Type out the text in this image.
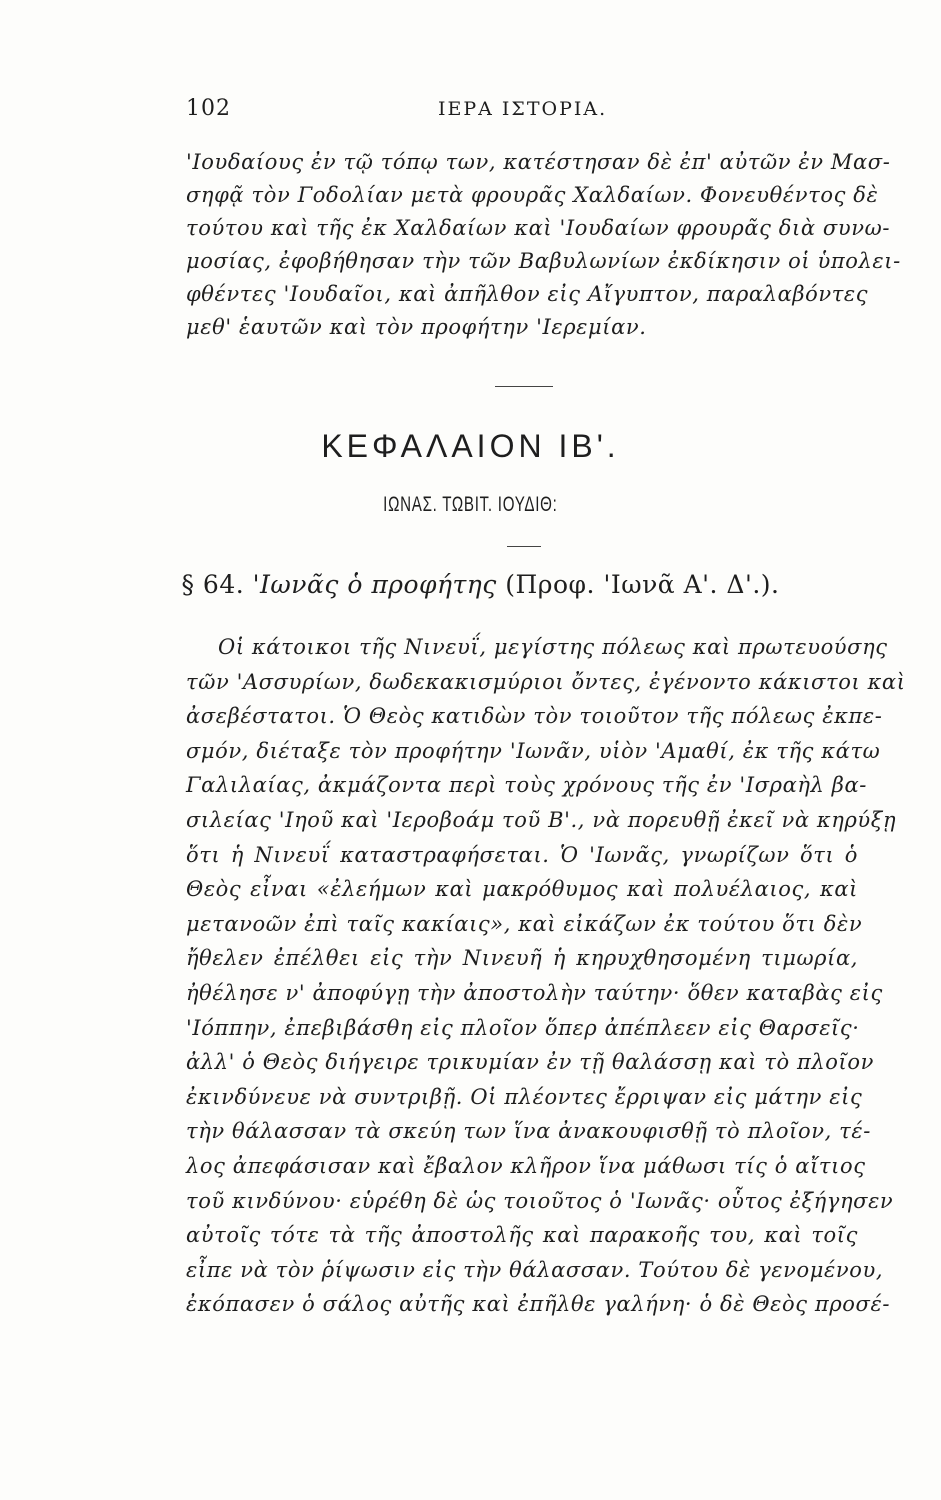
102	ΙΕΡΑ ΙΣΤΟΡΙΑ.
'Ιουδαίους ἐν τῷ τόπῳ των, κατέστησαν δὲ ἐπ' αὐτῶν ἐν Μασ-
σηφᾷ τὸν Γοδολίαν μετὰ φρουρᾶς Χαλδαίων. Φονευθέντος δὲ
τούτου καὶ τῆς ἐκ Χαλδαίων καὶ 'Ιουδαίων φρουρᾶς διὰ συνω-
μοσίας, ἐφοβήθησαν τὴν τῶν Βαβυλωνίων ἐκδίκησιν οἱ ὑπολει-
φθέντες 'Ιουδαῖοι, καὶ ἀπῆλθον εἰς Αἴγυπτον, παραλαβόντες
μεθ' ἑαυτῶν καὶ τὸν προφήτην 'Ιερεμίαν.
ΚΕΦΑΛΑΙΟΝ ΙΒ'.
ΙΩΝΑΣ. ΤΩΒΙΤ. ΙΟΥΔΙΘ:
§ 64. 'Ιωνᾶς ὁ προφήτης (Προφ. 'Ιωνᾶ Α'. Δ'.).
Οἱ κάτοικοι τῆς Νινευΐ, μεγίστης πόλεως καὶ πρωτευούσης
τῶν 'Ασσυρίων, δωδεκακισμύριοι ὄντες, ἐγένοντο κάκιστοι καὶ
ἀσεβέστατοι. Ὁ Θεὸς κατιδὼν τὸν τοιοῦτον τῆς πόλεως ἐκπε-
σμόν, διέταξε τὸν προφήτην 'Ιωνᾶν, υἱὸν 'Αμαθί, ἐκ τῆς κάτω
Γαλιλαίας, ἀκμάζοντα περὶ τοὺς χρόνους τῆς ἐν 'Ισραὴλ βα-
σιλείας 'Ιηοῦ καὶ 'Ιεροβοάμ τοῦ Β'., νὰ πορευθῇ ἐκεῖ νὰ κηρύξῃ
ὅτι ἡ Νινευΐ καταστραφήσεται. Ὁ 'Ιωνᾶς, γνωρίζων ὅτι ὁ
Θεὸς εἶναι «ἐλεήμων καὶ μακρόθυμος καὶ πολυέλαιος, καὶ
μετανοῶν ἐπὶ ταῖς κακίαις», καὶ εἰκάζων ἐκ τούτου ὅτι δὲν
ἤθελεν ἐπέλθει εἰς τὴν Νινευῆ ἡ κηρυχθησομένη τιμωρία,
ἠθέλησε ν' ἀποφύγῃ τὴν ἀποστολὴν ταύτην· ὅθεν καταβὰς εἰς
'Ιόππην, ἐπεβιβάσθη εἰς πλοῖον ὅπερ ἀπέπλεεν εἰς Θαρσεῖς·
ἀλλ' ὁ Θεὸς διήγειρε τρικυμίαν ἐν τῇ θαλάσσῃ καὶ τὸ πλοῖον
ἐκινδύνευε νὰ συντριβῇ. Οἱ πλέοντες ἔρριψαν εἰς μάτην εἰς
τὴν θάλασσαν τὰ σκεύη των ἵνα ἀνακουφισθῇ τὸ πλοῖον, τέ-
λος ἀπεφάσισαν καὶ ἔβαλον κλῆρον ἵνα μάθωσι τίς ὁ αἴτιος
τοῦ κινδύνου· εὑρέθη δὲ ὡς τοιοῦτος ὁ 'Ιωνᾶς· οὗτος ἐξήγησεν
αὐτοῖς τότε τὰ τῆς ἀποστολῆς καὶ παρακοῆς του, καὶ τοῖς
εἶπε νὰ τὸν ῥίψωσιν εἰς τὴν θάλασσαν. Τούτου δὲ γενομένου,
ἐκόπασεν ὁ σάλος αὐτῆς καὶ ἐπῆλθε γαλήνη· ὁ δὲ Θεὸς προσέ-
